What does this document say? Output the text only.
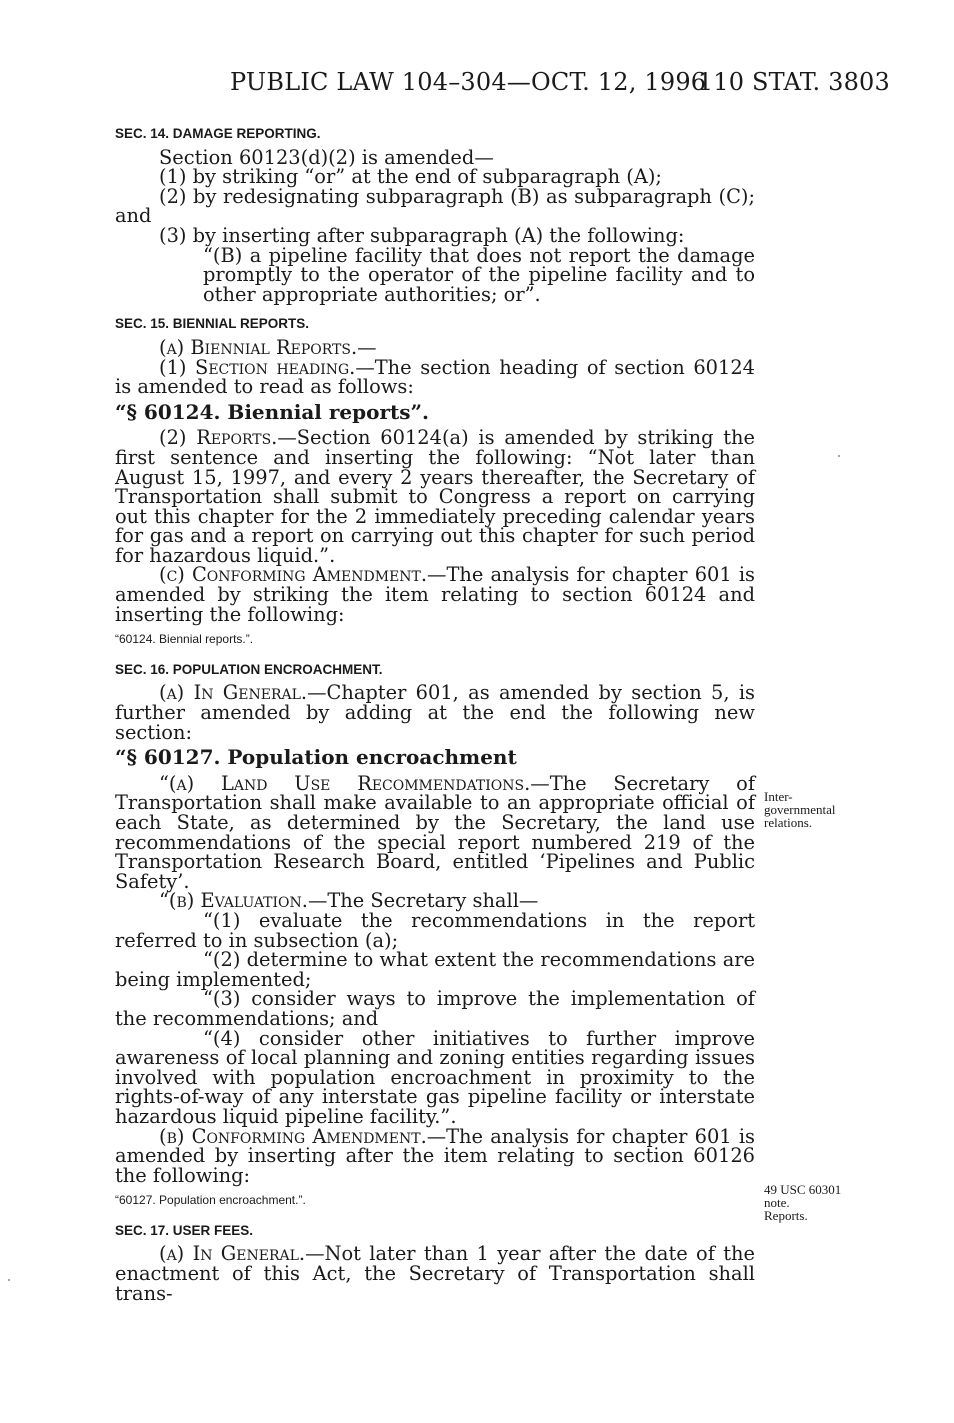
PUBLIC LAW 104–304—OCT. 12, 1996
110 STAT. 3803

SEC. 14. DAMAGE REPORTING.

Section 60123(d)(2) is amended—

(1) by striking “or” at the end of subparagraph (A);

(2) by redesignating subparagraph (B) as subparagraph (C); and

(3) by inserting after subparagraph (A) the following:

“(B) a pipeline facility that does not report the damage promptly to the operator of the pipeline facility and to other appropriate authorities; or”.

SEC. 15. BIENNIAL REPORTS.

(a) Biennial Reports.—

(1) Section heading.—The section heading of section 60124 is amended to read as follows:

“§ 60124. Biennial reports”.

(2) Reports.—Section 60124(a) is amended by striking the first sentence and inserting the following: “Not later than August 15, 1997, and every 2 years thereafter, the Secretary of Transportation shall submit to Congress a report on carrying out this chapter for the 2 immediately preceding calendar years for gas and a report on carrying out this chapter for such period for hazardous liquid.”.

(c) Conforming Amendment.—The analysis for chapter 601 is amended by striking the item relating to section 60124 and inserting the following:

“60124. Biennial reports.”.

SEC. 16. POPULATION ENCROACHMENT.

(a) In General.—Chapter 601, as amended by section 5, is further amended by adding at the end the following new section:

“§ 60127. Population encroachment

“(a) Land Use Recommendations.—The Secretary of Transportation shall make available to an appropriate official of each State, as determined by the Secretary, the land use recommendations of the special report numbered 219 of the Transportation Research Board, entitled ‘Pipelines and Public Safety’.

“(b) Evaluation.—The Secretary shall—

“(1) evaluate the recommendations in the report referred to in subsection (a);

“(2) determine to what extent the recommendations are being implemented;

“(3) consider ways to improve the implementation of the recommendations; and

“(4) consider other initiatives to further improve awareness of local planning and zoning entities regarding issues involved with population encroachment in proximity to the rights-of-way of any interstate gas pipeline facility or interstate hazardous liquid pipeline facility.”.

(b) Conforming Amendment.—The analysis for chapter 601 is amended by inserting after the item relating to section 60126 the following:

“60127. Population encroachment.”.

SEC. 17. USER FEES.

(a) In General.—Not later than 1 year after the date of the enactment of this Act, the Secretary of Transportation shall trans-

Inter-
governmental
relations.
49 USC 60301
note.
Reports.
